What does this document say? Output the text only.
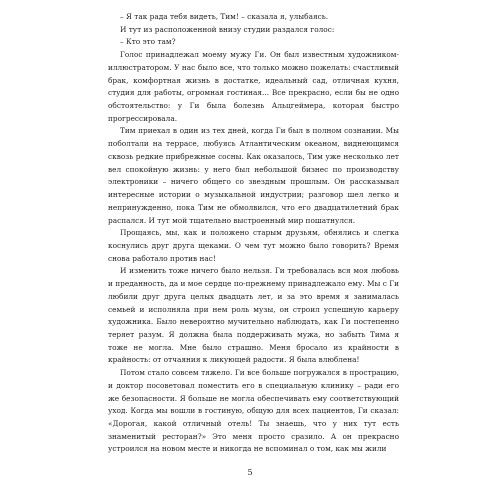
– Я так рада тебя видеть, Тим! – сказала я, улыбаясь.

И тут из расположенной внизу студии раздался голос:

– Кто это там?

Голос принадлежал моему мужу Ги. Он был известным художником-иллюстратором. У нас было все, что только можно пожелать: счастливый брак, комфортная жизнь в достатке, идеальный сад, отличная кухня, студия для работы, огромная гостиная... Все прекрасно, если бы не одно обстоятельство: у Ги была болезнь Альцгеймера, которая быстро прогрессировала.

Тим приехал в один из тех дней, когда Ги был в полном сознании. Мы поболтали на террасе, любуясь Атлантическим океаном, виднеющимся сквозь редкие прибрежные сосны. Как оказалось, Тим уже несколько лет вел спокойную жизнь: у него был небольшой бизнес по производству электроники – ничего общего со звездным прошлым. Он рассказывал интересные истории о музыкальной индустрии; разговор шел легко и непринужденно, пока Тим не обмолвился, что его двадцатилетний брак распался. И тут мой тщательно выстроенный мир пошатнулся.

Прощаясь, мы, как и положено старым друзьям, обнялись и слегка коснулись друг друга щеками. О чем тут можно было говорить? Время снова работало против нас!

И изменить тоже ничего было нельзя. Ги требовалась вся моя любовь и преданность, да и мое сердце по-прежнему принадлежало ему. Мы с Ги любили друг друга целых двадцать лет, и за это время я занималась семьей и исполняла при нем роль музы, он строил успешную карьеру художника. Было невероятно мучительно наблюдать, как Ги постепенно теряет разум. Я должна была поддерживать мужа, но забыть Тима я тоже не могла. Мне было страшно. Меня бросало из крайности в крайность: от отчаяния к ликующей радости. Я была влюблена!

Потом стало совсем тяжело. Ги все больше погружался в прострацию, и доктор посоветовал поместить его в специальную клинику – ради его же безопасности. Я больше не могла обеспечивать ему соответствующий уход. Когда мы вошли в гостиную, общую для всех пациентов, Ги сказал: «Дорогая, какой отличный отель! Ты знаешь, что у них тут есть знаменитый ресторан?» Это меня просто сразило. А он прекрасно устроился на новом месте и никогда не вспоминал о том, как мы жили

5
